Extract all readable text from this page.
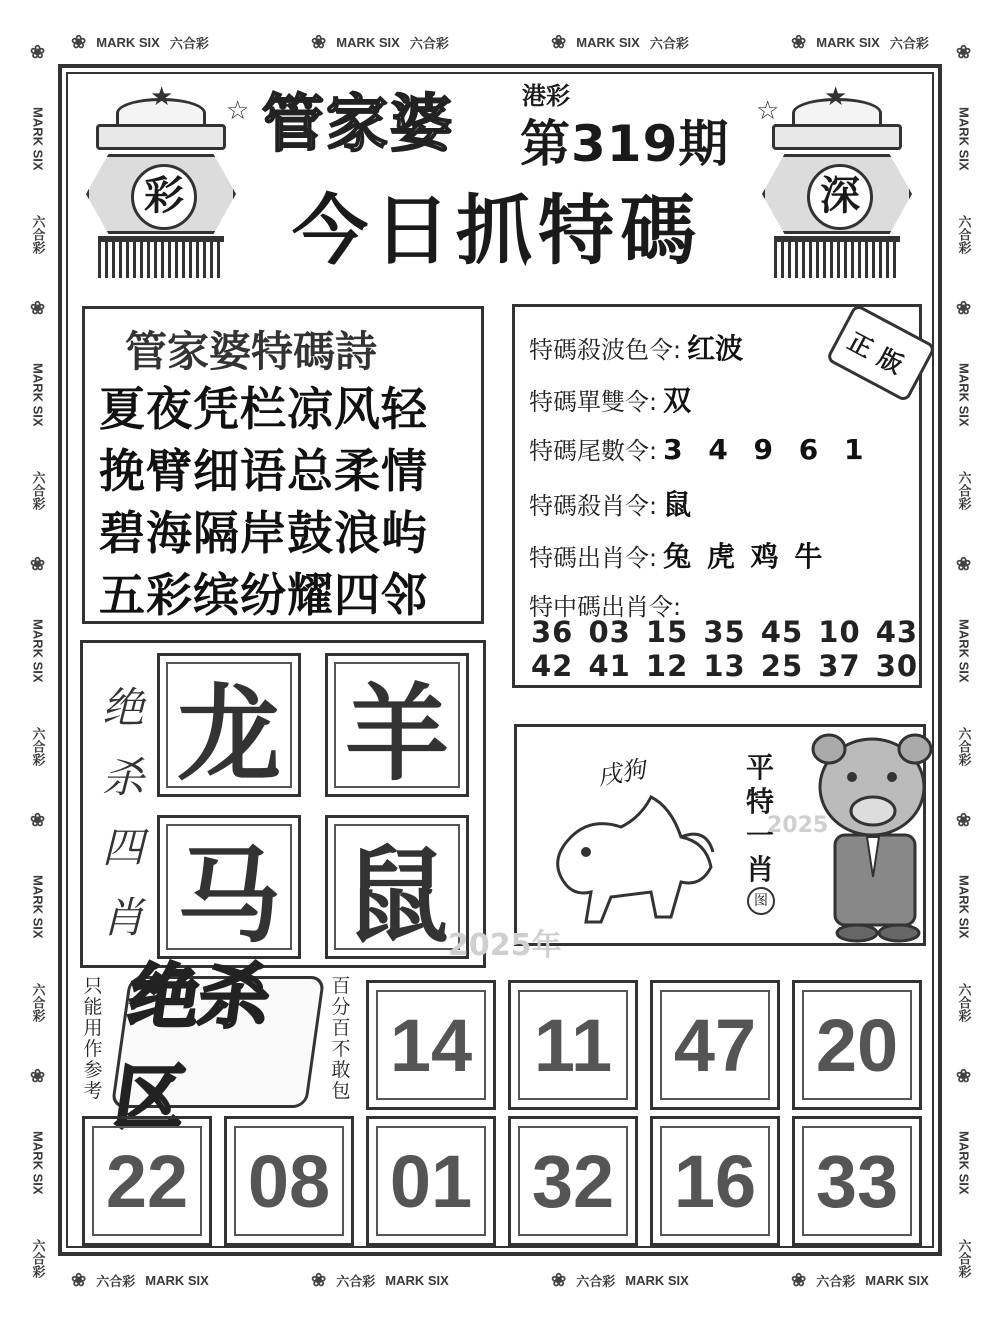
❀ MARK SIX 六合彩	❀ MARK SIX 六合彩	❀ MARK SIX 六合彩	❀ MARK SIX 六合彩
❀ 六合彩 MARK SIX	❀ 六合彩 MARK SIX	❀ 六合彩 MARK SIX	❀ 六合彩 MARK SIX
❀
MARK SIX
六合彩
❀
MARK SIX
六合彩
❀
MARK SIX
六合彩
❀
MARK SIX
六合彩
❀
MARK SIX
六合彩
❀
MARK SIX
六合彩
❀
MARK SIX
六合彩
❀
MARK SIX
六合彩
❀
MARK SIX
六合彩
❀
MARK SIX
六合彩
彩
★ ☆
深
★
☆
管家婆	港彩
第319期
今日抓特碼
管家婆特碼詩
夏夜凭栏凉风轻
挽臂细语总柔情
碧海隔岸鼓浪屿
五彩缤纷耀四邻
正版
特碼殺波色令: 红波
特碼單雙令: 双
特碼尾數令: 3 4 9 6 1
特碼殺肖令: 鼠
特碼出肖令: 兔 虎 鸡 牛
特中碼出肖令:
36 03 15 35 45 10 43
42 41 12 13 25 37 30
绝杀四肖
龙 羊
马 鼠
戌狗	平特一肖
图
2025
2025年
只能用作参考
绝杀区
百分百不敢包
14 11 47 20
22 08 01 32 16 33
